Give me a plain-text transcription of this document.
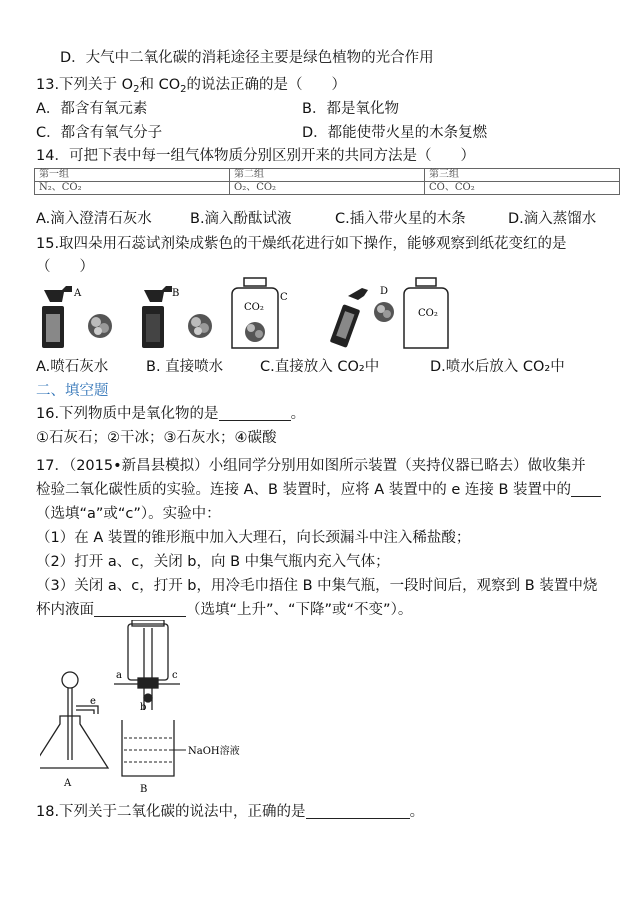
D．大气中二氧化碳的消耗途径主要是绿色植物的光合作用
13.下列关于 $O_2$和 $CO_2$的说法正确的是（　　）
A．都含有氧元素	B．都是氧化物
C．都含有氧气分子	D．都能使带火星的木条复燃
14．可把下表中每一组气体物质分别区别开来的共同方法是（　　）
第一组	第二组	第三组
N₂、CO₂	O₂、CO₂	CO、CO₂
A.滴入澄清石灰水	B.滴入酚酞试液	C.插入带火星的木条	D.滴入蒸馏水
15.取四朵用石蕊试剂染成紫色的干燥纸花进行如下操作，能够观察到纸花变红的是
（　　）
A	B
CO₂
C
D
CO₂
A.喷石灰水	B. 直接喷水	C.直接放入 CO₂中	D.喷水后放入 CO₂中
二、填空题
16.下列物质中是氧化物的是	。
①石灰石；②干冰；③石灰水；④碳酸
17．（2015•新昌县模拟）小组同学分别用如图所示装置（夹持仪器已略去）做收集并
检验二氧化碳性质的实验。连接 A、B 装置时，应将 A 装置中的 e 连接 B 装置中的
（选填“a”或“c”）。实验中：
（1）在 A 装置的锥形瓶中加入大理石，向长颈漏斗中注入稀盐酸；
（2）打开 a、c，关闭 b，向 B 中集气瓶内充入气体；
（3）关闭 a、c，打开 b，用冷毛巾捂住 B 中集气瓶，一段时间后，观察到 B 装置中烧
杯内液面	（选填“上升”、“下降”或“不变”）。
e
A
a
b
c
NaOH溶液
B
18.下列关于二氧化碳的说法中，正确的是	。
